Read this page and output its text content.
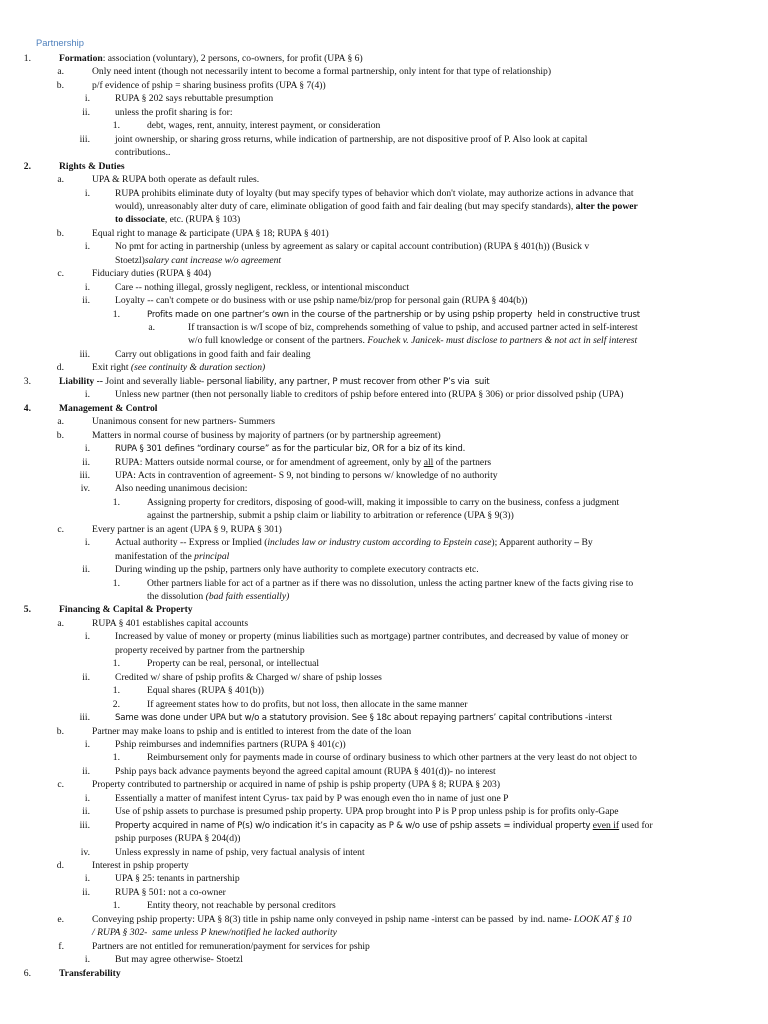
Partnership
1.	Formation: association (voluntary), 2 persons, co-owners, for profit (UPA § 6)
a.	Only need intent (though not necessarily intent to become a formal partnership, only intent for that type of relationship)
b.	p/f evidence of pship = sharing business profits (UPA § 7(4))
i.	RUPA § 202 says rebuttable presumption
ii.	unless the profit sharing is for:
1.	debt, wages, rent, annuity, interest payment, or consideration
iii.	joint ownership, or sharing gross returns, while indication of partnership, are not dispositive proof of P. Also look at capital
contributions..
2.	Rights & Duties
a.	UPA & RUPA both operate as default rules.
i.	RUPA prohibits eliminate duty of loyalty (but may specify types of behavior which don't violate, may authorize actions in advance that
would), unreasonably alter duty of care, eliminate obligation of good faith and fair dealing (but may specify standards), alter the power
to dissociate, etc. (RUPA § 103)
b.	Equal right to manage & participate (UPA § 18; RUPA § 401)
i.	No pmt for acting in partnership (unless by agreement as salary or capital account contribution) (RUPA § 401(h)) (Busick v
Stoetzl)salary cant increase w/o agreement
c.	Fiduciary duties (RUPA § 404)
i.	Care -- nothing illegal, grossly negligent, reckless, or intentional misconduct
ii.	Loyalty -- can't compete or do business with or use pship name/biz/prop for personal gain (RUPA § 404(b))
1.	Profits made on one partner’s own in the course of the partnership or by using pship property  held in constructive trust
a.	If transaction is w/I scope of biz, comprehends something of value to pship, and accused partner acted in self-interest
w/o full knowledge or consent of the partners. Fouchek v. Janicek- must disclose to partners & not act in self interest
iii.	Carry out obligations in good faith and fair dealing
d.	Exit right (see continuity & duration section)
3.	Liability -- Joint and severally liable- personal liability, any partner, P must recover from other P’s via  suit
i.	Unless new partner (then not personally liable to creditors of pship before entered into (RUPA § 306) or prior dissolved pship (UPA)
4.	Management & Control
a.	Unanimous consent for new partners- Summers
b.	Matters in normal course of business by majority of partners (or by partnership agreement)
i.	RUPA § 301 defines “ordinary course” as for the particular biz, OR for a biz of its kind.
ii.	RUPA: Matters outside normal course, or for amendment of agreement, only by all of the partners
iii.	UPA: Acts in contravention of agreement- S 9, not binding to persons w/ knowledge of no authority
iv.	Also needing unanimous decision:
1.	Assigning property for creditors, disposing of good-will, making it impossible to carry on the business, confess a judgment
against the partnership, submit a pship claim or liability to arbitration or reference (UPA § 9(3))
c.	Every partner is an agent (UPA § 9, RUPA § 301)
i.	Actual authority -- Express or Implied (includes law or industry custom according to Epstein case); Apparent authority – By
manifestation of the principal
ii.	During winding up the pship, partners only have authority to complete executory contracts etc.
1.	Other partners liable for act of a partner as if there was no dissolution, unless the acting partner knew of the facts giving rise to
the dissolution (bad faith essentially)
5.	Financing & Capital & Property
a.	RUPA § 401 establishes capital accounts
i.	Increased by value of money or property (minus liabilities such as mortgage) partner contributes, and decreased by value of money or
property received by partner from the partnership
1.	Property can be real, personal, or intellectual
ii.	Credited w/ share of pship profits & Charged w/ share of pship losses
1.	Equal shares (RUPA § 401(b))
2.	If agreement states how to do profits, but not loss, then allocate in the same manner
iii.	Same was done under UPA but w/o a statutory provision. See § 18c about repaying partners’ capital contributions -interst
b.	Partner may make loans to pship and is entitled to interest from the date of the loan
i.	Pship reimburses and indemnifies partners (RUPA § 401(c))
1.	Reimbursement only for payments made in course of ordinary business to which other partners at the very least do not object to
ii.	Pship pays back advance payments beyond the agreed capital amount (RUPA § 401(d))- no interest
c.	Property contributed to partnership or acquired in name of pship is pship property (UPA § 8; RUPA § 203)
i.	Essentially a matter of manifest intent Cyrus- tax paid by P was enough even tho in name of just one P
ii.	Use of pship assets to purchase is presumed pship property. UPA prop brought into P is P prop unless pship is for profits only-Gape
iii.	Property acquired in name of P(s) w/o indication it’s in capacity as P & w/o use of pship assets = individual property even if used for
pship purposes (RUPA § 204(d))
iv.	Unless expressly in name of pship, very factual analysis of intent
d.	Interest in pship property
i.	UPA § 25: tenants in partnership
ii.	RUPA § 501: not a co-owner
1.	Entity theory, not reachable by personal creditors
e.	Conveying pship property: UPA § 8(3) title in pship name only conveyed in pship name -interst can be passed  by ind. name- LOOK AT § 10
/ RUPA § 302-  same unless P knew/notified he lacked authority
f.	Partners are not entitled for remuneration/payment for services for pship
i.	But may agree otherwise- Stoetzl
6.	Transferability
